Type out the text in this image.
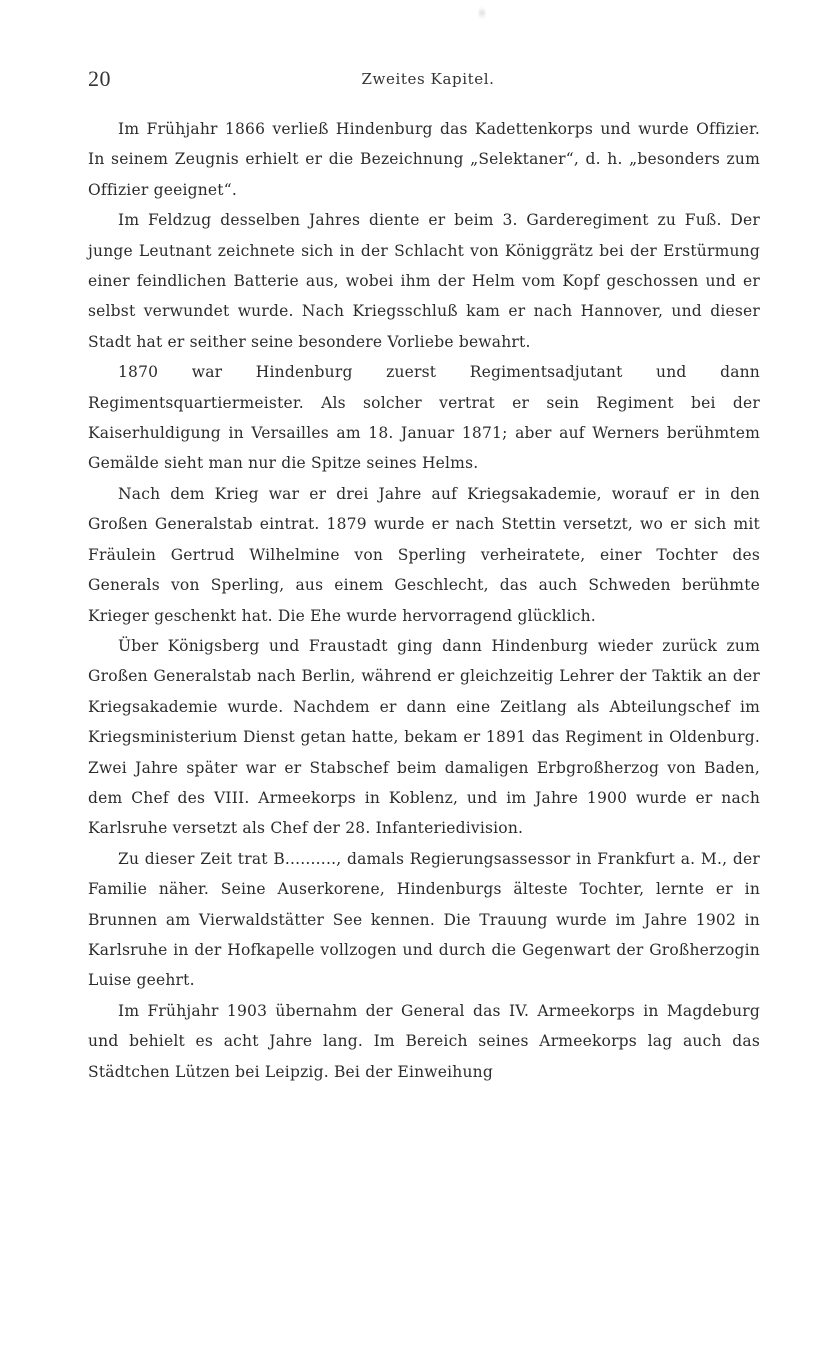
20	Zweites Kapitel.

Im Frühjahr 1866 verließ Hindenburg das Kadettenkorps und wurde Offizier. In seinem Zeugnis erhielt er die Bezeichnung „Selektaner“, d. h. „besonders zum Offizier geeignet“.

Im Feldzug desselben Jahres diente er beim 3. Garderegiment zu Fuß. Der junge Leutnant zeichnete sich in der Schlacht von Königgrätz bei der Erstürmung einer feindlichen Batterie aus, wobei ihm der Helm vom Kopf geschossen und er selbst verwundet wurde. Nach Kriegsschluß kam er nach Hannover, und dieser Stadt hat er seither seine besondere Vorliebe bewahrt.

1870 war Hindenburg zuerst Regimentsadjutant und dann Regimentsquartiermeister. Als solcher vertrat er sein Regiment bei der Kaiserhuldigung in Versailles am 18. Januar 1871; aber auf Werners berühmtem Gemälde sieht man nur die Spitze seines Helms.

Nach dem Krieg war er drei Jahre auf Kriegsakademie, worauf er in den Großen Generalstab eintrat. 1879 wurde er nach Stettin versetzt, wo er sich mit Fräulein Gertrud Wilhelmine von Sperling verheiratete, einer Tochter des Generals von Sperling, aus einem Geschlecht, das auch Schweden berühmte Krieger geschenkt hat. Die Ehe wurde hervorragend glücklich.

Über Königsberg und Fraustadt ging dann Hindenburg wieder zurück zum Großen Generalstab nach Berlin, während er gleichzeitig Lehrer der Taktik an der Kriegsakademie wurde. Nachdem er dann eine Zeitlang als Abteilungschef im Kriegsministerium Dienst getan hatte, bekam er 1891 das Regiment in Oldenburg. Zwei Jahre später war er Stabschef beim damaligen Erbgroßherzog von Baden, dem Chef des VIII. Armeekorps in Koblenz, und im Jahre 1900 wurde er nach Karlsruhe versetzt als Chef der 28. Infanteriedivision.

Zu dieser Zeit trat B.........., damals Regierungsassessor in Frankfurt a. M., der Familie näher. Seine Auserkorene, Hindenburgs älteste Tochter, lernte er in Brunnen am Vierwaldstätter See kennen. Die Trauung wurde im Jahre 1902 in Karlsruhe in der Hofkapelle vollzogen und durch die Gegenwart der Großherzogin Luise geehrt.

Im Frühjahr 1903 übernahm der General das IV. Armeekorps in Magdeburg und behielt es acht Jahre lang. Im Bereich seines Armeekorps lag auch das Städtchen Lützen bei Leipzig. Bei der Einweihung
